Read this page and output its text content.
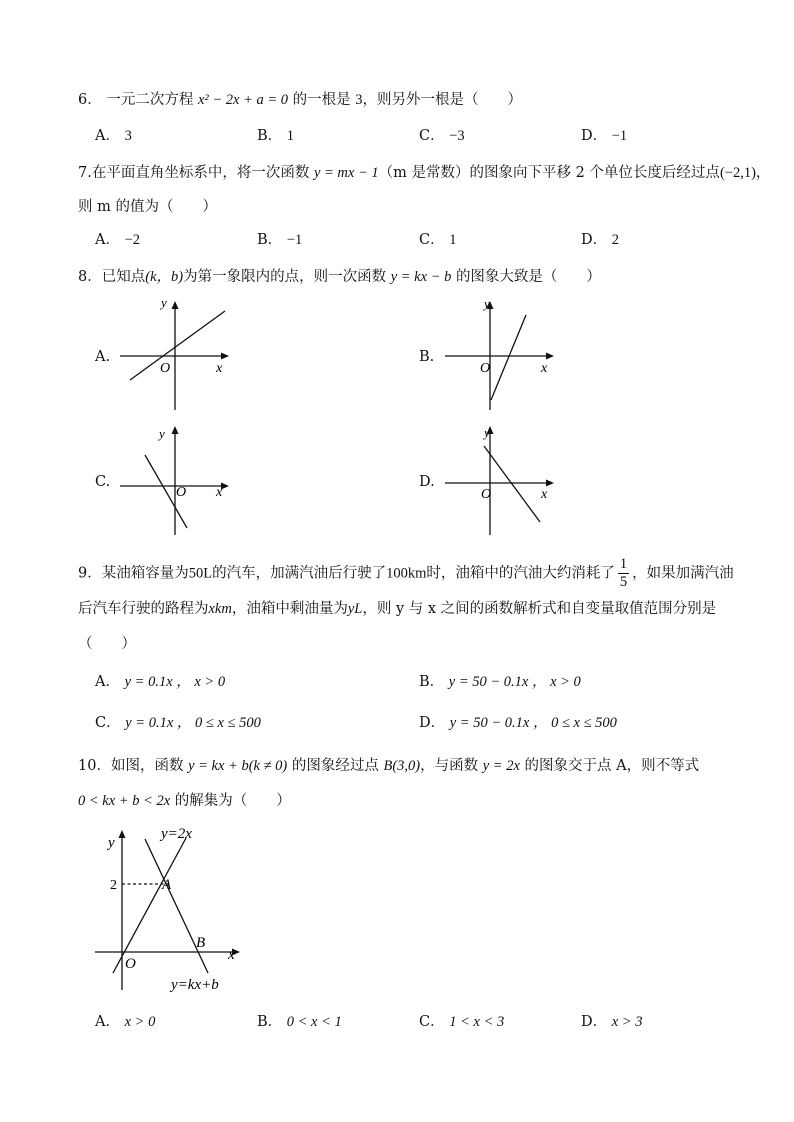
6． 一元二次方程 x² − 2x + a = 0 的一根是 3，则另外一根是（　　）
A． 3	B． 1	C． −3	D． −1
7.在平面直角坐标系中，将一次函数 y = mx − 1（m 是常数）的图象向下平移 2 个单位长度后经过点(−2,1)，
则 m 的值为（　　）
A． −2	B． −1	C． 1	D． 2
8．已知点(k，b)为第一象限内的点，则一次函数 y = kx − b 的图象大致是（　　）
A.	B.
C.	D.
y
x
O
y
x
O
y
x
O
y
x
O
9．某油箱容量为50L的汽车，加满汽油后行驶了100km时，油箱中的汽油大约消耗了 $\frac{1}{5}$ ，如果加满汽油
后汽车行驶的路程为xkm，油箱中剩油量为yL，则 y 与 x 之间的函数解析式和自变量取值范围分别是
（　　）
A． y = 0.1x ， x > 0	B． y = 50 − 0.1x ， x > 0
C． y = 0.1x ， 0 ≤ x ≤ 500	D． y = 50 − 0.1x ， 0 ≤ x ≤ 500
10．如图，函数 y = kx + b(k ≠ 0) 的图象经过点 B(3,0)，与函数 y = 2x 的图象交于点 A，则不等式
0 < kx + b < 2x 的解集为（　　）
2
y
x
O
y=2x
y=kx+b
A
B
A． x > 0	B． 0 < x < 1	C． 1 < x < 3	D． x > 3
